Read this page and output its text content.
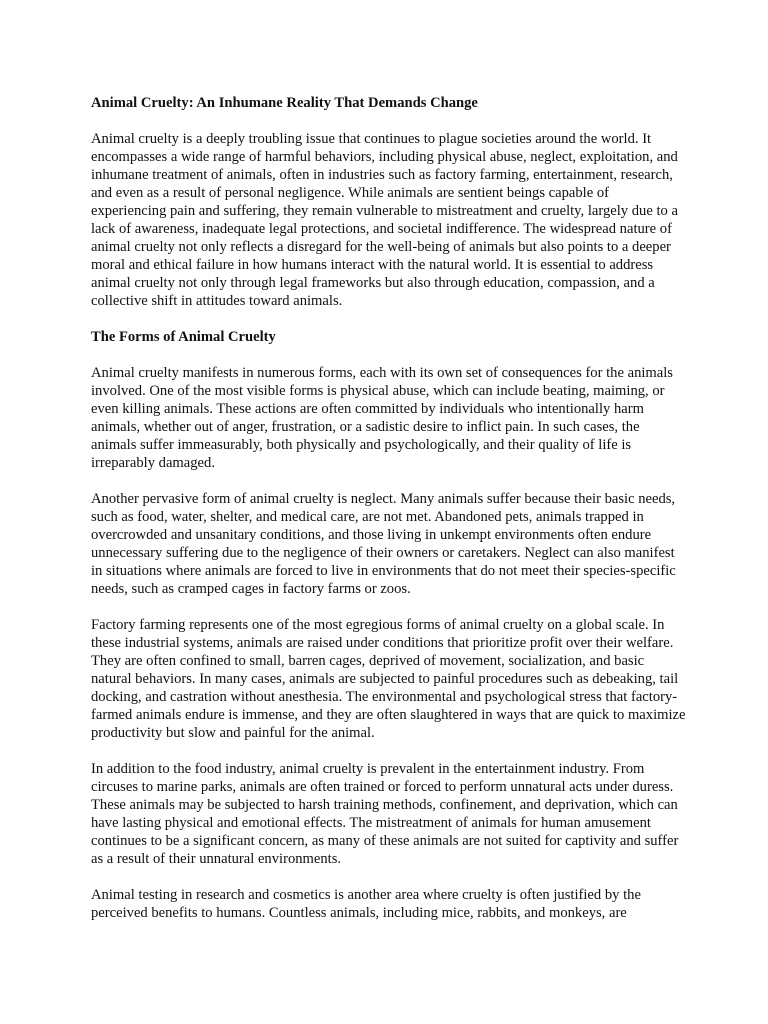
Animal Cruelty: An Inhumane Reality That Demands Change

Animal cruelty is a deeply troubling issue that continues to plague societies around the world. It encompasses a wide range of harmful behaviors, including physical abuse, neglect, exploitation, and inhumane treatment of animals, often in industries such as factory farming, entertainment, research, and even as a result of personal negligence. While animals are sentient beings capable of experiencing pain and suffering, they remain vulnerable to mistreatment and cruelty, largely due to a lack of awareness, inadequate legal protections, and societal indifference. The widespread nature of animal cruelty not only reflects a disregard for the well-being of animals but also points to a deeper moral and ethical failure in how humans interact with the natural world. It is essential to address animal cruelty not only through legal frameworks but also through education, compassion, and a collective shift in attitudes toward animals.

The Forms of Animal Cruelty

Animal cruelty manifests in numerous forms, each with its own set of consequences for the animals involved. One of the most visible forms is physical abuse, which can include beating, maiming, or even killing animals. These actions are often committed by individuals who intentionally harm animals, whether out of anger, frustration, or a sadistic desire to inflict pain. In such cases, the animals suffer immeasurably, both physically and psychologically, and their quality of life is irreparably damaged.

Another pervasive form of animal cruelty is neglect. Many animals suffer because their basic needs, such as food, water, shelter, and medical care, are not met. Abandoned pets, animals trapped in overcrowded and unsanitary conditions, and those living in unkempt environments often endure unnecessary suffering due to the negligence of their owners or caretakers. Neglect can also manifest in situations where animals are forced to live in environments that do not meet their species-specific needs, such as cramped cages in factory farms or zoos.

Factory farming represents one of the most egregious forms of animal cruelty on a global scale. In these industrial systems, animals are raised under conditions that prioritize profit over their welfare. They are often confined to small, barren cages, deprived of movement, socialization, and basic natural behaviors. In many cases, animals are subjected to painful procedures such as debeaking, tail docking, and castration without anesthesia. The environmental and psychological stress that factory-farmed animals endure is immense, and they are often slaughtered in ways that are quick to maximize productivity but slow and painful for the animal.

In addition to the food industry, animal cruelty is prevalent in the entertainment industry. From circuses to marine parks, animals are often trained or forced to perform unnatural acts under duress. These animals may be subjected to harsh training methods, confinement, and deprivation, which can have lasting physical and emotional effects. The mistreatment of animals for human amusement continues to be a significant concern, as many of these animals are not suited for captivity and suffer as a result of their unnatural environments.

Animal testing in research and cosmetics is another area where cruelty is often justified by the perceived benefits to humans. Countless animals, including mice, rabbits, and monkeys, are
